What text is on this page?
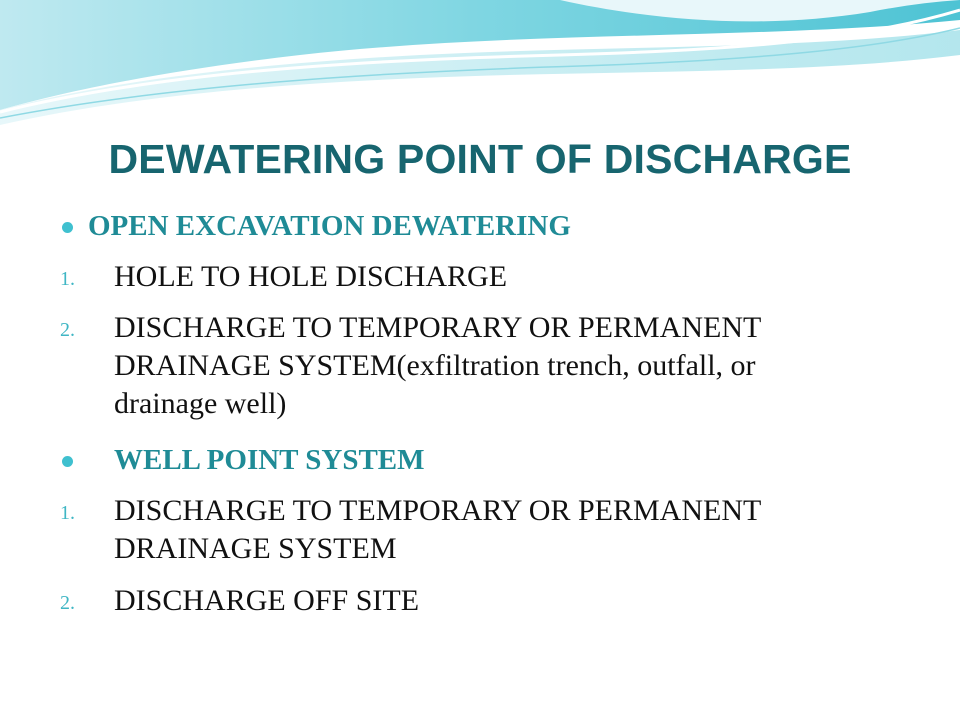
DEWATERING POINT OF DISCHARGE
OPEN EXCAVATION DEWATERING
1. HOLE TO HOLE DISCHARGE
2. DISCHARGE TO TEMPORARY OR PERMANENT
DRAINAGE SYSTEM(exfiltration trench, outfall, or
drainage well)
WELL POINT SYSTEM
1. DISCHARGE TO TEMPORARY OR PERMANENT
DRAINAGE SYSTEM
2. DISCHARGE OFF SITE
